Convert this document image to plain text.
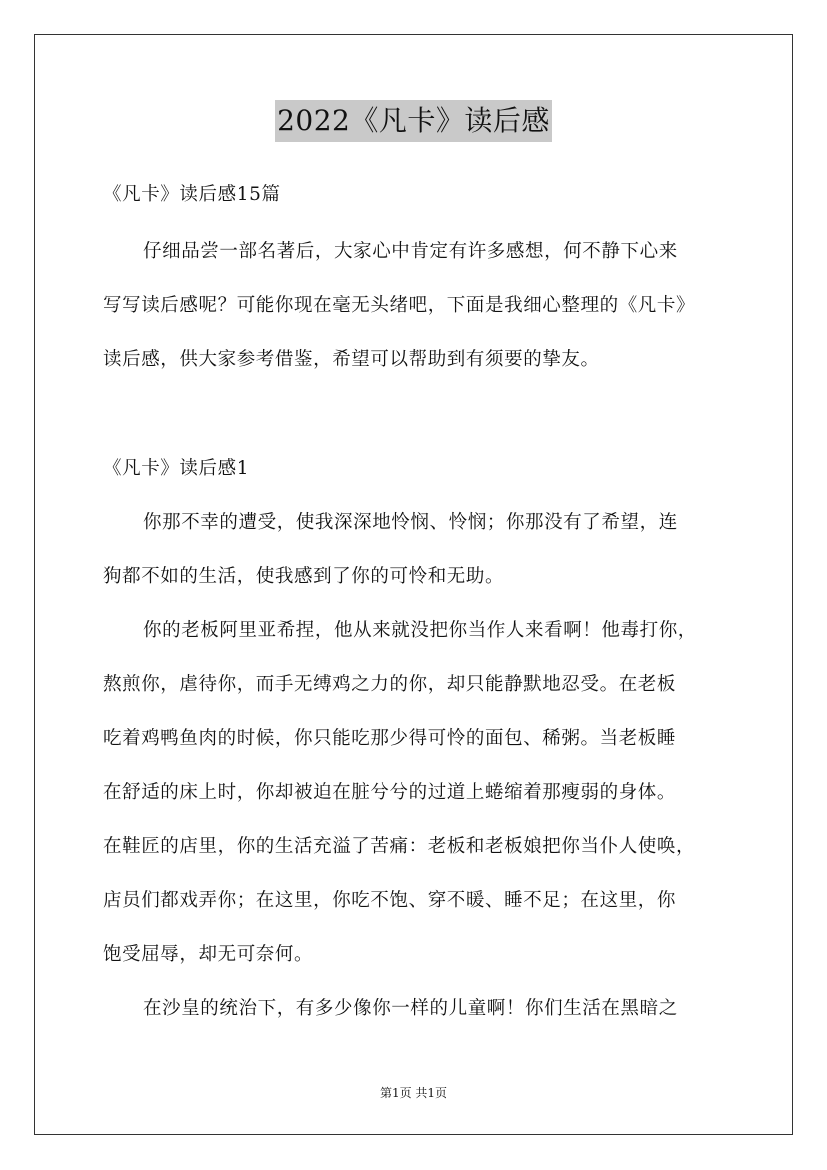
2022《凡卡》读后感
《凡卡》读后感15篇
仔细品尝一部名著后，大家心中肯定有许多感想，何不静下心来
写写读后感呢？可能你现在毫无头绪吧，下面是我细心整理的《凡卡》
读后感，供大家参考借鉴，希望可以帮助到有须要的挚友。
《凡卡》读后感1
你那不幸的遭受，使我深深地怜悯、怜悯；你那没有了希望，连
狗都不如的生活，使我感到了你的可怜和无助。
你的老板阿里亚希捏，他从来就没把你当作人来看啊！他毒打你，
熬煎你，虐待你，而手无缚鸡之力的你，却只能静默地忍受。在老板
吃着鸡鸭鱼肉的时候，你只能吃那少得可怜的面包、稀粥。当老板睡
在舒适的床上时，你却被迫在脏兮兮的过道上蜷缩着那瘦弱的身体。
在鞋匠的店里，你的生活充溢了苦痛：老板和老板娘把你当仆人使唤，
店员们都戏弄你；在这里，你吃不饱、穿不暖、睡不足；在这里，你
饱受屈辱，却无可奈何。
在沙皇的统治下，有多少像你一样的儿童啊！你们生活在黑暗之
第1页 共1页
